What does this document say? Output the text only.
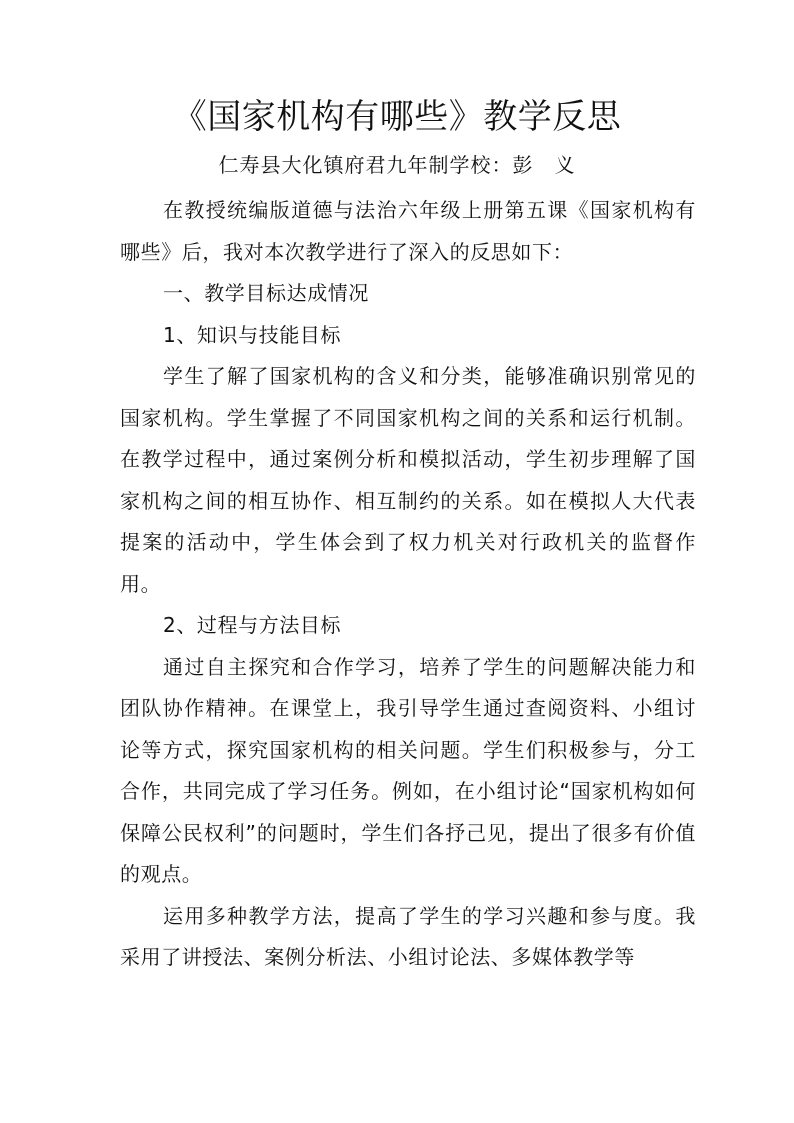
《国家机构有哪些》教学反思
仁寿县大化镇府君九年制学校：彭　义

在教授统编版道德与法治六年级上册第五课《国家机构有哪些》后，我对本次教学进行了深入的反思如下：

一、教学目标达成情况

1、知识与技能目标

学生了解了国家机构的含义和分类，能够准确识别常见的国家机构。学生掌握了不同国家机构之间的关系和运行机制。在教学过程中，通过案例分析和模拟活动，学生初步理解了国家机构之间的相互协作、相互制约的关系。如在模拟人大代表提案的活动中，学生体会到了权力机关对行政机关的监督作用。

2、过程与方法目标

通过自主探究和合作学习，培养了学生的问题解决能力和团队协作精神。在课堂上，我引导学生通过查阅资料、小组讨论等方式，探究国家机构的相关问题。学生们积极参与，分工合作，共同完成了学习任务。例如，在小组讨论“国家机构如何保障公民权利”的问题时，学生们各抒己见，提出了很多有价值的观点。

运用多种教学方法，提高了学生的学习兴趣和参与度。我采用了讲授法、案例分析法、小组讨论法、多媒体教学等
